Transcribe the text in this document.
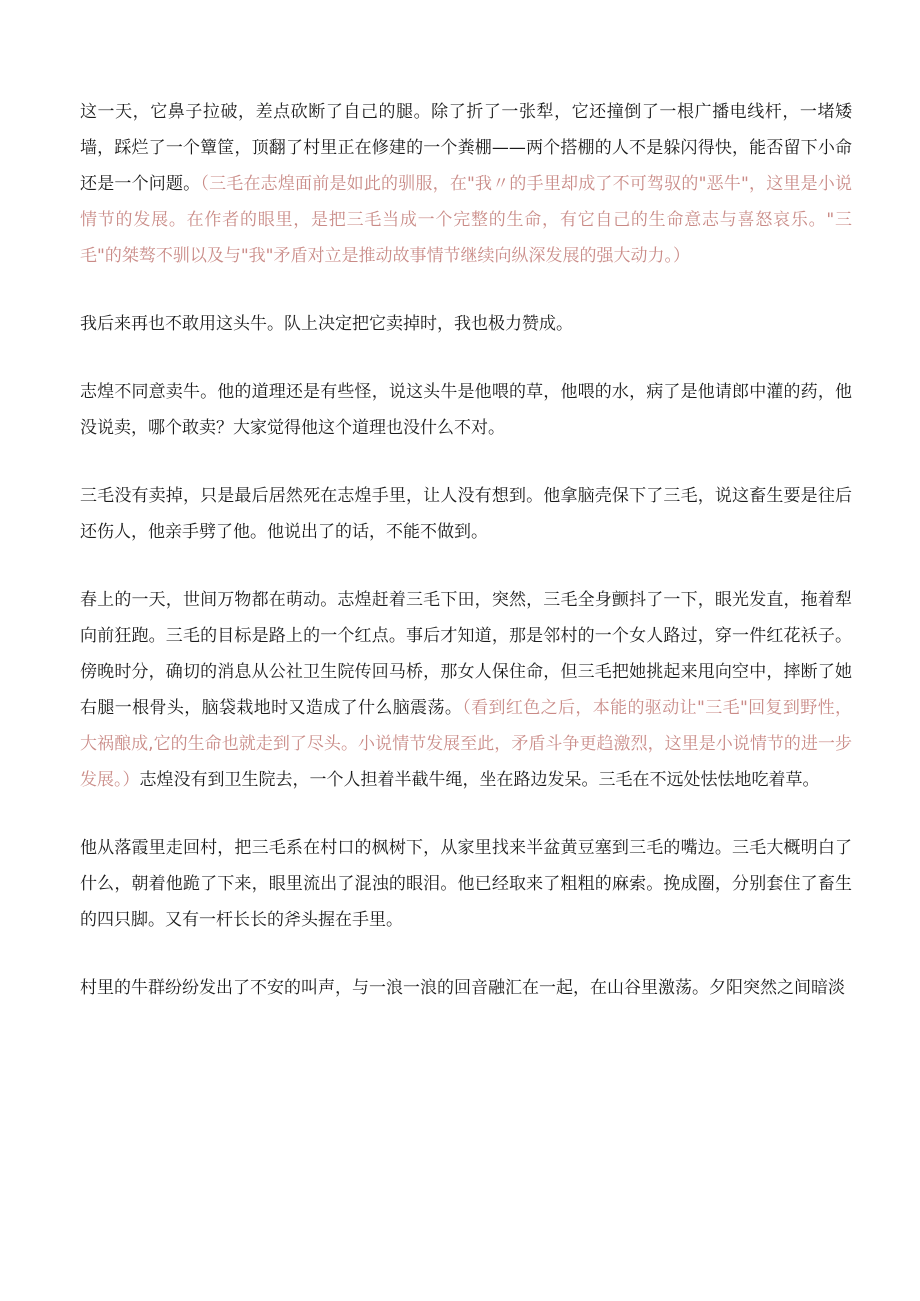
这一天，它鼻子拉破，差点砍断了自己的腿。除了折了一张犁，它还撞倒了一根广播电线杆，一堵矮墙，踩烂了一个簟筐，顶翻了村里正在修建的一个粪棚——两个搭棚的人不是躲闪得快，能否留下小命还是一个问题。（三毛在志煌面前是如此的驯服，在"我〃的手里却成了不可驾驭的"恶牛"，这里是小说情节的发展。在作者的眼里，是把三毛当成一个完整的生命，有它自己的生命意志与喜怒哀乐。"三毛"的桀骜不驯以及与"我"矛盾对立是推动故事情节继续向纵深发展的强大动力。）

我后来再也不敢用这头牛。队上决定把它卖掉时，我也极力赞成。

志煌不同意卖牛。他的道理还是有些怪，说这头牛是他喂的草，他喂的水，病了是他请郎中灌的药，他没说卖，哪个敢卖？大家觉得他这个道理也没什么不对。

三毛没有卖掉，只是最后居然死在志煌手里，让人没有想到。他拿脑壳保下了三毛，说这畜生要是往后还伤人，他亲手劈了他。他说出了的话，不能不做到。

春上的一天，世间万物都在萌动。志煌赶着三毛下田，突然，三毛全身颤抖了一下，眼光发直，拖着犁向前狂跑。三毛的目标是路上的一个红点。事后才知道，那是邻村的一个女人路过，穿一件红花袄子。傍晚时分，确切的消息从公社卫生院传回马桥，那女人保住命，但三毛把她挑起来甩向空中，摔断了她右腿一根骨头，脑袋栽地时又造成了什么脑震荡。（看到红色之后，本能的驱动让"三毛"回复到野性，大祸酿成,它的生命也就走到了尽头。小说情节发展至此，矛盾斗争更趋激烈，这里是小说情节的进一步发展。）志煌没有到卫生院去，一个人担着半截牛绳，坐在路边发呆。三毛在不远处怯怯地吃着草。

他从落霞里走回村，把三毛系在村口的枫树下，从家里找来半盆黄豆塞到三毛的嘴边。三毛大概明白了什么，朝着他跪了下来，眼里流出了混浊的眼泪。他已经取来了粗粗的麻索。挽成圈，分别套住了畜生的四只脚。又有一杆长长的斧头握在手里。

村里的牛群纷纷发出了不安的叫声，与一浪一浪的回音融汇在一起，在山谷里激荡。夕阳突然之间暗淡
